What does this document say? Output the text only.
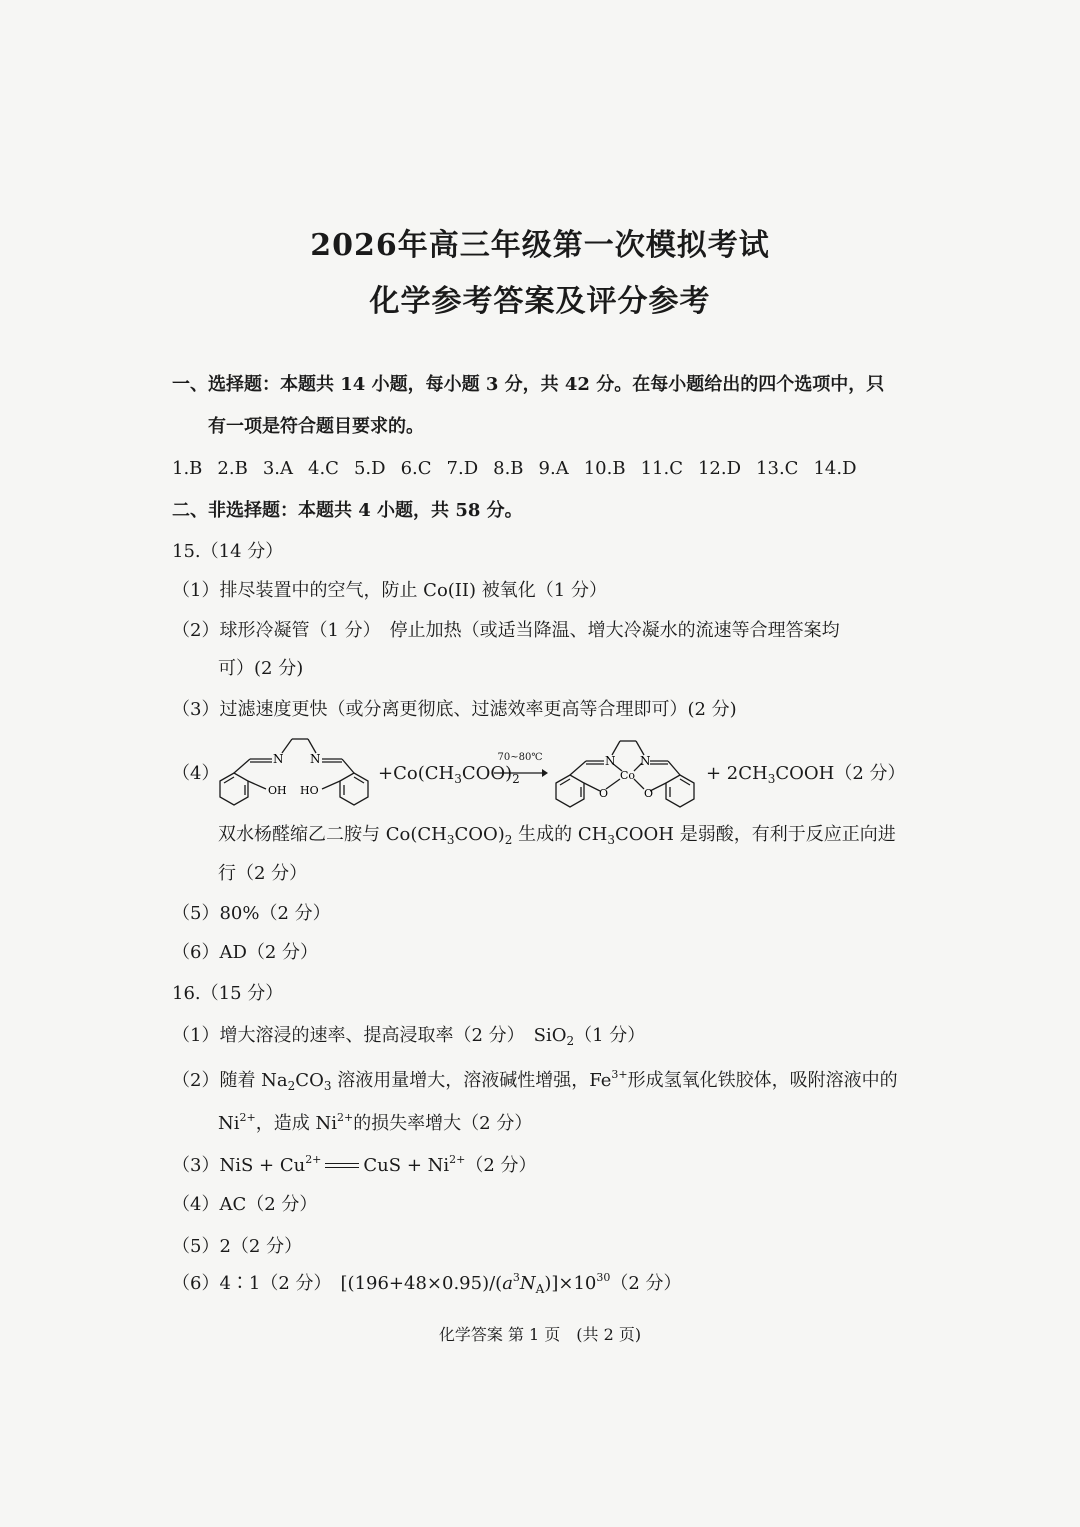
2026年高三年级第一次模拟考试
化学参考答案及评分参考
一、选择题：本题共 14 小题，每小题 3 分，共 42 分。在每小题给出的四个选项中，只
有一项是符合题目要求的。
1.B 2.B 3.A 4.C 5.D 6.C 7.D 8.B 9.A 10.B 11.C 12.D 13.C 14.D
二、非选择题：本题共 4 小题，共 58 分。
15.（14 分）
（1）排尽装置中的空气，防止 Co(II) 被氧化（1 分）
（2）球形冷凝管（1 分）　停止加热（或适当降温、增大冷凝水的流速等合理答案均
可）(2 分)
（3）过滤速度更快（或分离更彻底、过滤效率更高等合理即可）(2 分)
（4）
N N
OH HO
$+Co(CH_3COO)_2$
70~80℃	N N
Co
O	O
+ $2CH_3COOH(2$ 分）
双水杨醛缩乙二胺与 $Co(CH_3COO)_2$ 生成的 $CH_3COOH$ 是弱酸，有利于反应正向进
行（2 分）
（5）80%（2 分）
（6）AD（2 分）
16.（15 分）
（1）增大溶浸的速率、提高浸取率（2 分）　SiO$_2$（1 分）
（2）随着 $Na_2CO_3$ 溶液用量增大，溶液碱性增强，$Fe^{3+}$形成氢氧化铁胶体，吸附溶液中的
$Ni^{2+}$，造成 $Ni^{2+}$的损失率增大（2 分）
$(3)NiS + Cu^{2+}$ CuS + $Ni^{2+}(2$ 分）
（4）AC（2 分）
（5）2（2 分）
（6）4∶1（2 分）　$[(196+48\times 0.95)/(a^3N_A)]\times 10^{30}(2$ 分）
化学答案 第 1 页　(共 2 页)
